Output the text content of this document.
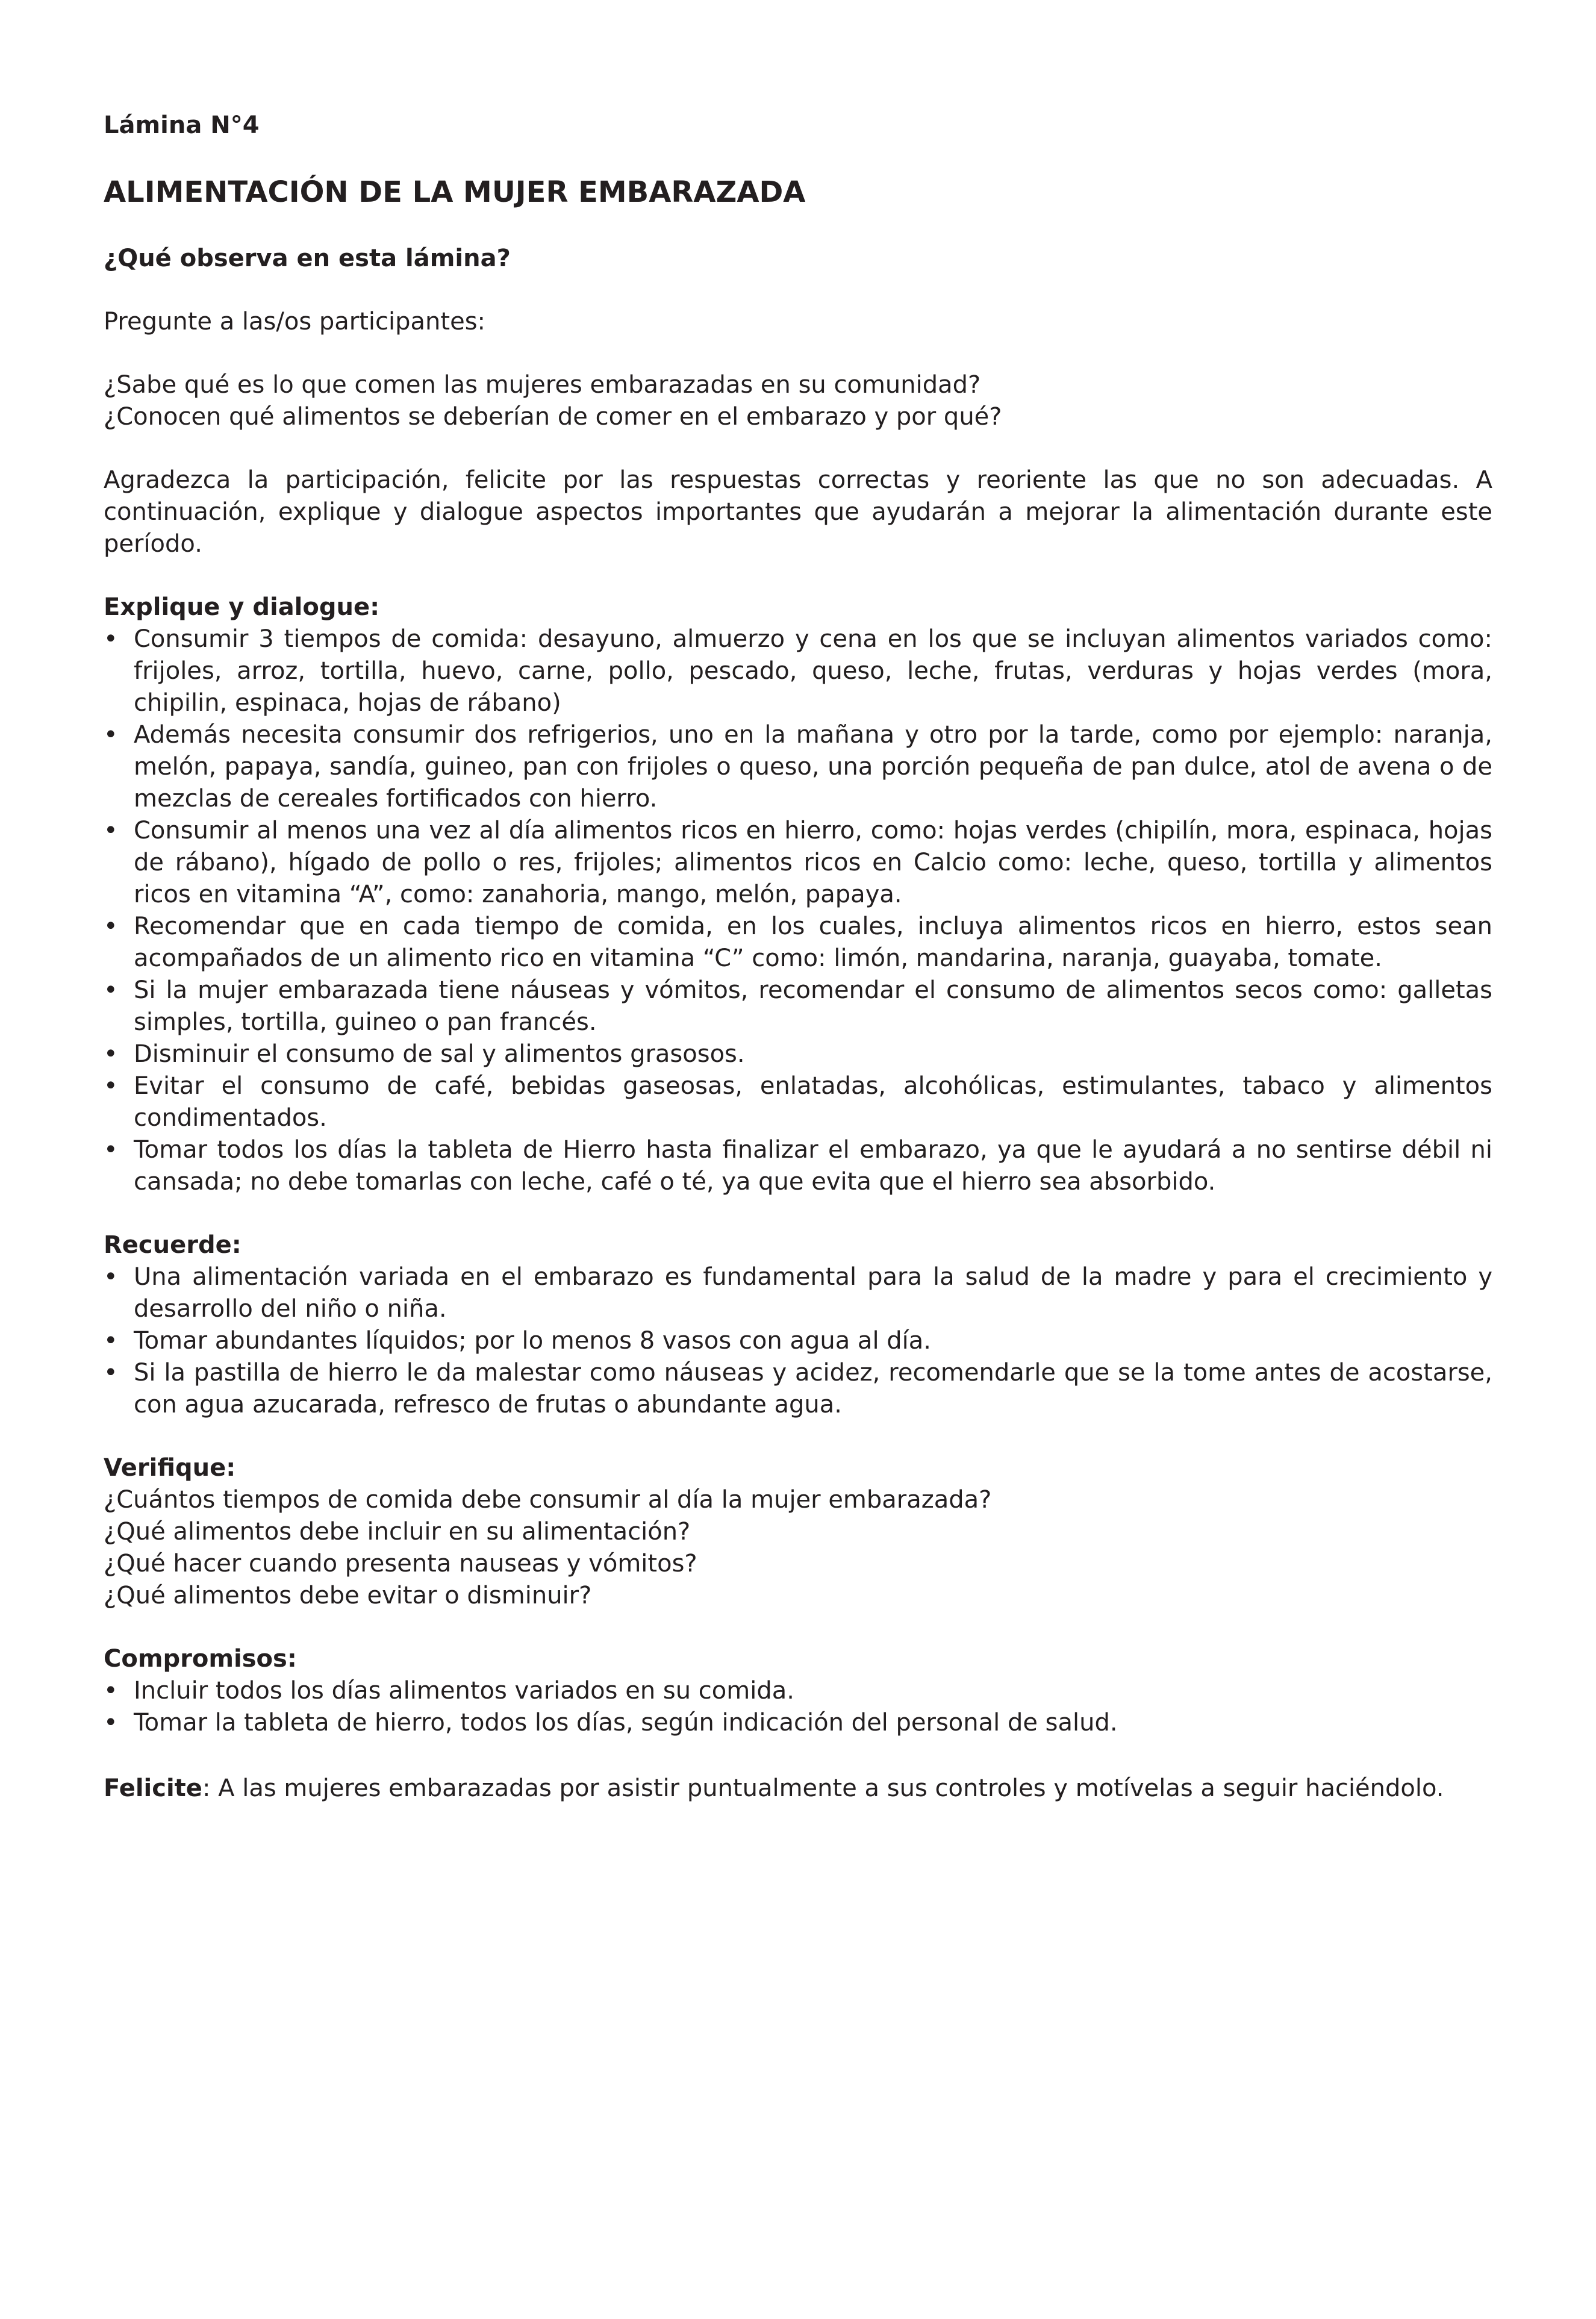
Lámina N°4

ALIMENTACIÓN DE LA MUJER EMBARAZADA

¿Qué observa en esta lámina?

Pregunte a las/os participantes:

¿Sabe qué es lo que comen las mujeres embarazadas en su comunidad?

¿Conocen qué alimentos se deberían de comer en el embarazo y por qué?

Agradezca la participación, felicite por las respuestas correctas y reoriente las que no son adecuadas. A continuación, explique y dialogue aspectos importantes que ayudarán a mejorar la alimentación durante este período.

Explique y dialogue:

• Consumir 3 tiempos de comida: desayuno, almuerzo y cena en los que se incluyan alimentos variados como: frijoles, arroz, tortilla, huevo, carne, pollo, pescado, queso, leche, frutas, verduras y hojas verdes (mora, chipilin, espinaca, hojas de rábano)
• Además necesita consumir dos refrigerios, uno en la mañana y otro por la tarde, como por ejemplo: naranja, melón, papaya, sandía, guineo, pan con frijoles o queso, una porción pequeña de pan dulce, atol de avena o de mezclas de cereales fortificados con hierro.
• Consumir al menos una vez al día alimentos ricos en hierro, como: hojas verdes (chipilín, mora, espinaca, hojas de rábano), hígado de pollo o res, frijoles; alimentos ricos en Calcio como: leche, queso, tortilla y alimentos ricos en vitamina “A”, como: zanahoria, mango, melón, papaya.
• Recomendar que en cada tiempo de comida, en los cuales, incluya alimentos ricos en hierro, estos sean acompañados de un alimento rico en vitamina “C” como: limón, mandarina, naranja, guayaba, tomate.
• Si la mujer embarazada tiene náuseas y vómitos, recomendar el consumo de alimentos secos como: galletas simples, tortilla, guineo o pan francés.
• Disminuir el consumo de sal y alimentos grasosos.
• Evitar el consumo de café, bebidas gaseosas, enlatadas, alcohólicas, estimulantes, tabaco y alimentos condimentados.
• Tomar todos los días la tableta de Hierro hasta finalizar el embarazo, ya que le ayudará a no sentirse débil ni cansada; no debe tomarlas con leche, café o té, ya que evita que el hierro sea absorbido.

Recuerde:

• Una alimentación variada en el embarazo es fundamental para la salud de la madre y para el crecimiento y desarrollo del niño o niña.
• Tomar abundantes líquidos; por lo menos 8 vasos con agua al día.
• Si la pastilla de hierro le da malestar como náuseas y acidez, recomendarle que se la tome antes de acostarse, con agua azucarada, refresco de frutas o abundante agua.

Verifique:

¿Cuántos tiempos de comida debe consumir al día la mujer embarazada?

¿Qué alimentos debe incluir en su alimentación?

¿Qué hacer cuando presenta nauseas y vómitos?

¿Qué alimentos debe evitar o disminuir?

Compromisos:

• Incluir todos los días alimentos variados en su comida.
• Tomar la tableta de hierro, todos los días, según indicación del personal de salud.

Felicite: A las mujeres embarazadas por asistir puntualmente a sus controles y motívelas a seguir haciéndolo.
